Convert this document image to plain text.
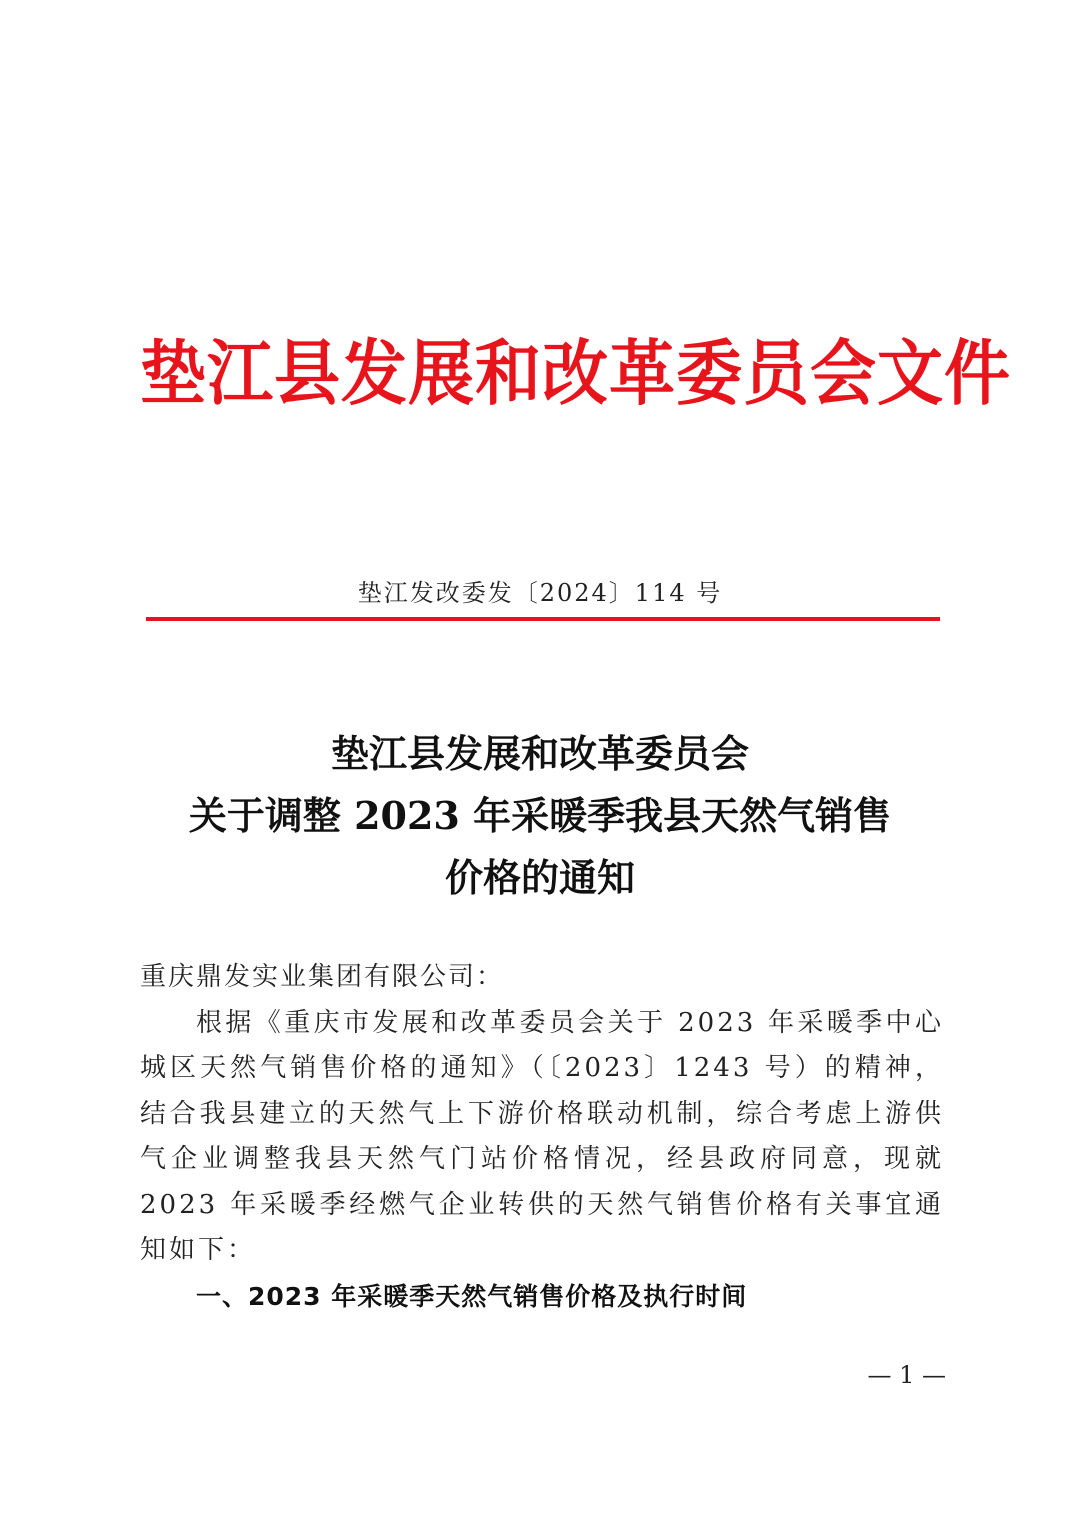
垫江县发展和改革委员会文件
垫江发改委发〔2024〕114 号
垫江县发展和改革委员会
关于调整 2023 年采暖季我县天然气销售
价格的通知
重庆鼎发实业集团有限公司：
根据《重庆市发展和改革委员会关于 2023 年采暖季中心城区天然气销售价格的通知》（〔2023〕1243 号）的精神，结合我县建立的天然气上下游价格联动机制，综合考虑上游供气企业调整我县天然气门站价格情况，经县政府同意，现就 2023 年采暖季经燃气企业转供的天然气销售价格有关事宜通知如下：
一、2023 年采暖季天然气销售价格及执行时间
— 1 —
